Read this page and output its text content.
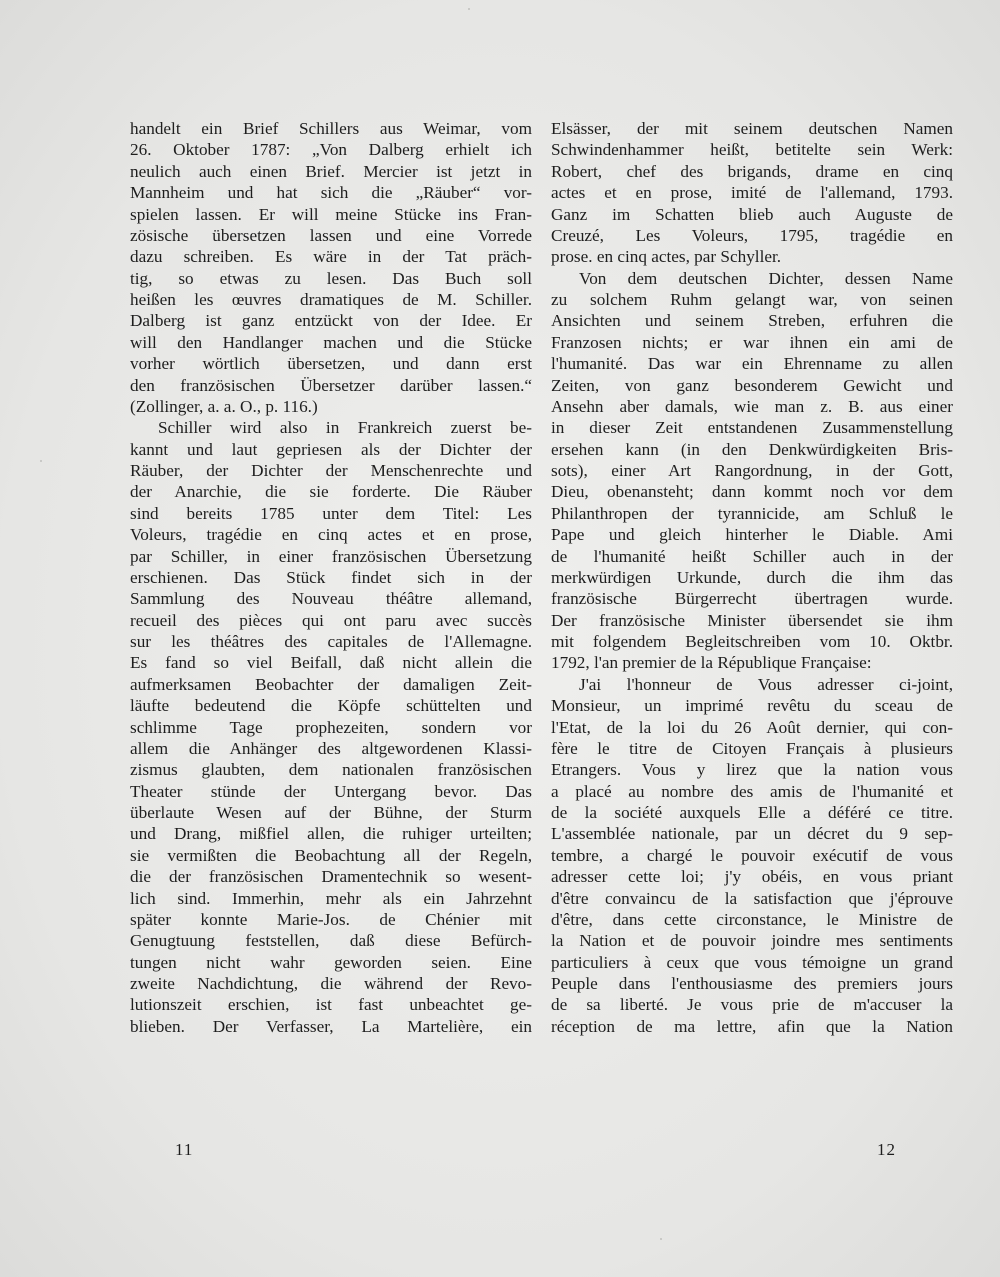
handelt ein Brief Schillers aus Weimar, vom
26. Oktober 1787: „Von Dalberg erhielt ich
neulich auch einen Brief. Mercier ist jetzt in
Mannheim und hat sich die „Räuber“ vor-
spielen lassen. Er will meine Stücke ins Fran-
zösische übersetzen lassen und eine Vorrede
dazu schreiben. Es wäre in der Tat präch-
tig, so etwas zu lesen. Das Buch soll
heißen les œuvres dramatiques de M. Schiller.
Dalberg ist ganz entzückt von der Idee. Er
will den Handlanger machen und die Stücke
vorher wörtlich übersetzen, und dann erst
den französischen Übersetzer darüber lassen.“
(Zollinger, a. a. O., p. 116.)
Schiller wird also in Frankreich zuerst be-
kannt und laut gepriesen als der Dichter der
Räuber, der Dichter der Menschenrechte und
der Anarchie, die sie forderte. Die Räuber
sind bereits 1785 unter dem Titel: Les
Voleurs, tragédie en cinq actes et en prose,
par Schiller, in einer französischen Übersetzung
erschienen. Das Stück findet sich in der
Sammlung des Nouveau théâtre allemand,
recueil des pièces qui ont paru avec succès
sur les théâtres des capitales de l'Allemagne.
Es fand so viel Beifall, daß nicht allein die
aufmerksamen Beobachter der damaligen Zeit-
läufte bedeutend die Köpfe schüttelten und
schlimme Tage prophezeiten, sondern vor
allem die Anhänger des altgewordenen Klassi-
zismus glaubten, dem nationalen französischen
Theater stünde der Untergang bevor. Das
überlaute Wesen auf der Bühne, der Sturm
und Drang, mißfiel allen, die ruhiger urteilten;
sie vermißten die Beobachtung all der Regeln,
die der französischen Dramentechnik so wesent-
lich sind. Immerhin, mehr als ein Jahrzehnt
später konnte Marie-Jos. de Chénier mit
Genugtuung feststellen, daß diese Befürch-
tungen nicht wahr geworden seien. Eine
zweite Nachdichtung, die während der Revo-
lutionszeit erschien, ist fast unbeachtet ge-
blieben. Der Verfasser, La Martelière, ein
Elsässer, der mit seinem deutschen Namen
Schwindenhammer heißt, betitelte sein Werk:
Robert, chef des brigands, drame en cinq
actes et en prose, imité de l'allemand, 1793.
Ganz im Schatten blieb auch Auguste de
Creuzé, Les Voleurs, 1795, tragédie en
prose. en cinq actes, par Schyller.
Von dem deutschen Dichter, dessen Name
zu solchem Ruhm gelangt war, von seinen
Ansichten und seinem Streben, erfuhren die
Franzosen nichts; er war ihnen ein ami de
l'humanité. Das war ein Ehrenname zu allen
Zeiten, von ganz besonderem Gewicht und
Ansehn aber damals, wie man z. B. aus einer
in dieser Zeit entstandenen Zusammenstellung
ersehen kann (in den Denkwürdigkeiten Bris-
sots), einer Art Rangordnung, in der Gott,
Dieu, obenansteht; dann kommt noch vor dem
Philanthropen der tyrannicide, am Schluß le
Pape und gleich hinterher le Diable. Ami
de l'humanité heißt Schiller auch in der
merkwürdigen Urkunde, durch die ihm das
französische Bürgerrecht übertragen wurde.
Der französische Minister übersendet sie ihm
mit folgendem Begleitschreiben vom 10. Oktbr.
1792, l'an premier de la République Française:
J'ai l'honneur de Vous adresser ci-joint,
Monsieur, un imprimé revêtu du sceau de
l'Etat, de la loi du 26 Août dernier, qui con-
fère le titre de Citoyen Français à plusieurs
Etrangers. Vous y lirez que la nation vous
a placé au nombre des amis de l'humanité et
de la société auxquels Elle a déféré ce titre.
L'assemblée nationale, par un décret du 9 sep-
tembre, a chargé le pouvoir exécutif de vous
adresser cette loi; j'y obéis, en vous priant
d'être convaincu de la satisfaction que j'éprouve
d'être, dans cette circonstance, le Ministre de
la Nation et de pouvoir joindre mes sentiments
particuliers à ceux que vous témoigne un grand
Peuple dans l'enthousiasme des premiers jours
de sa liberté. Je vous prie de m'accuser la
réception de ma lettre, afin que la Nation
11	12
